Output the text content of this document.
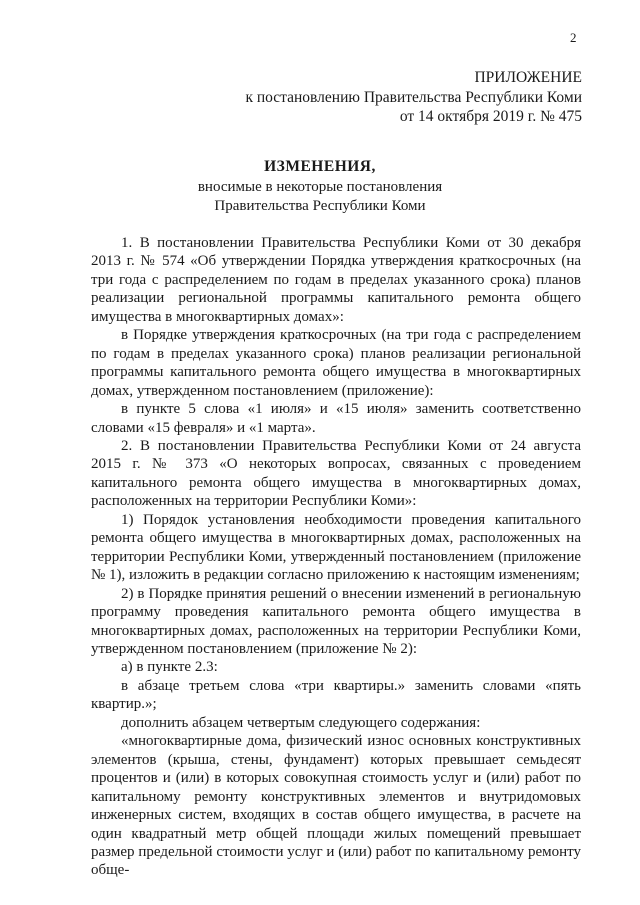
2
ПРИЛОЖЕНИЕ
к постановлению Правительства Республики Коми
от 14 октября 2019 г. № 475
ИЗМЕНЕНИЯ,
вносимые в некоторые постановления
Правительства Республики Коми

1. В постановлении Правительства Республики Коми от 30 декабря 2013 г. № 574 «Об утверждении Порядка утверждения краткосрочных (на три года с распределением по годам в пределах указанного срока) планов реализации региональной программы капитального ремонта общего имущества в многоквартирных домах»:

в Порядке утверждения краткосрочных (на три года с распределением по годам в пределах указанного срока) планов реализации региональной программы капитального ремонта общего имущества в многоквартирных домах, утвержденном постановлением (приложение):

в пункте 5 слова «1 июля» и «15 июля» заменить соответственно словами «15 февраля» и «1 марта».

2. В постановлении Правительства Республики Коми от 24 августа 2015 г. № 373 «О некоторых вопросах, связанных с проведением капитального ремонта общего имущества в многоквартирных домах, расположенных на территории Республики Коми»:

1) Порядок установления необходимости проведения капитального ремонта общего имущества в многоквартирных домах, расположенных на территории Республики Коми, утвержденный постановлением (приложение № 1), изложить в редакции согласно приложению к настоящим изменениям;

2) в Порядке принятия решений о внесении изменений в региональную программу проведения капитального ремонта общего имущества в многоквартирных домах, расположенных на территории Республики Коми, утвержденном постановлением (приложение № 2):

а) в пункте 2.3:

в абзаце третьем слова «три квартиры.» заменить словами «пять квартир.»;

дополнить абзацем четвертым следующего содержания:

«многоквартирные дома, физический износ основных конструктивных элементов (крыша, стены, фундамент) которых превышает семьдесят процентов и (или) в которых совокупная стоимость услуг и (или) работ по капитальному ремонту конструктивных элементов и внутридомовых инженерных систем, входящих в состав общего имущества, в расчете на один квадратный метр общей площади жилых помещений превышает размер предельной стоимости услуг и (или) работ по капитальному ремонту обще-
